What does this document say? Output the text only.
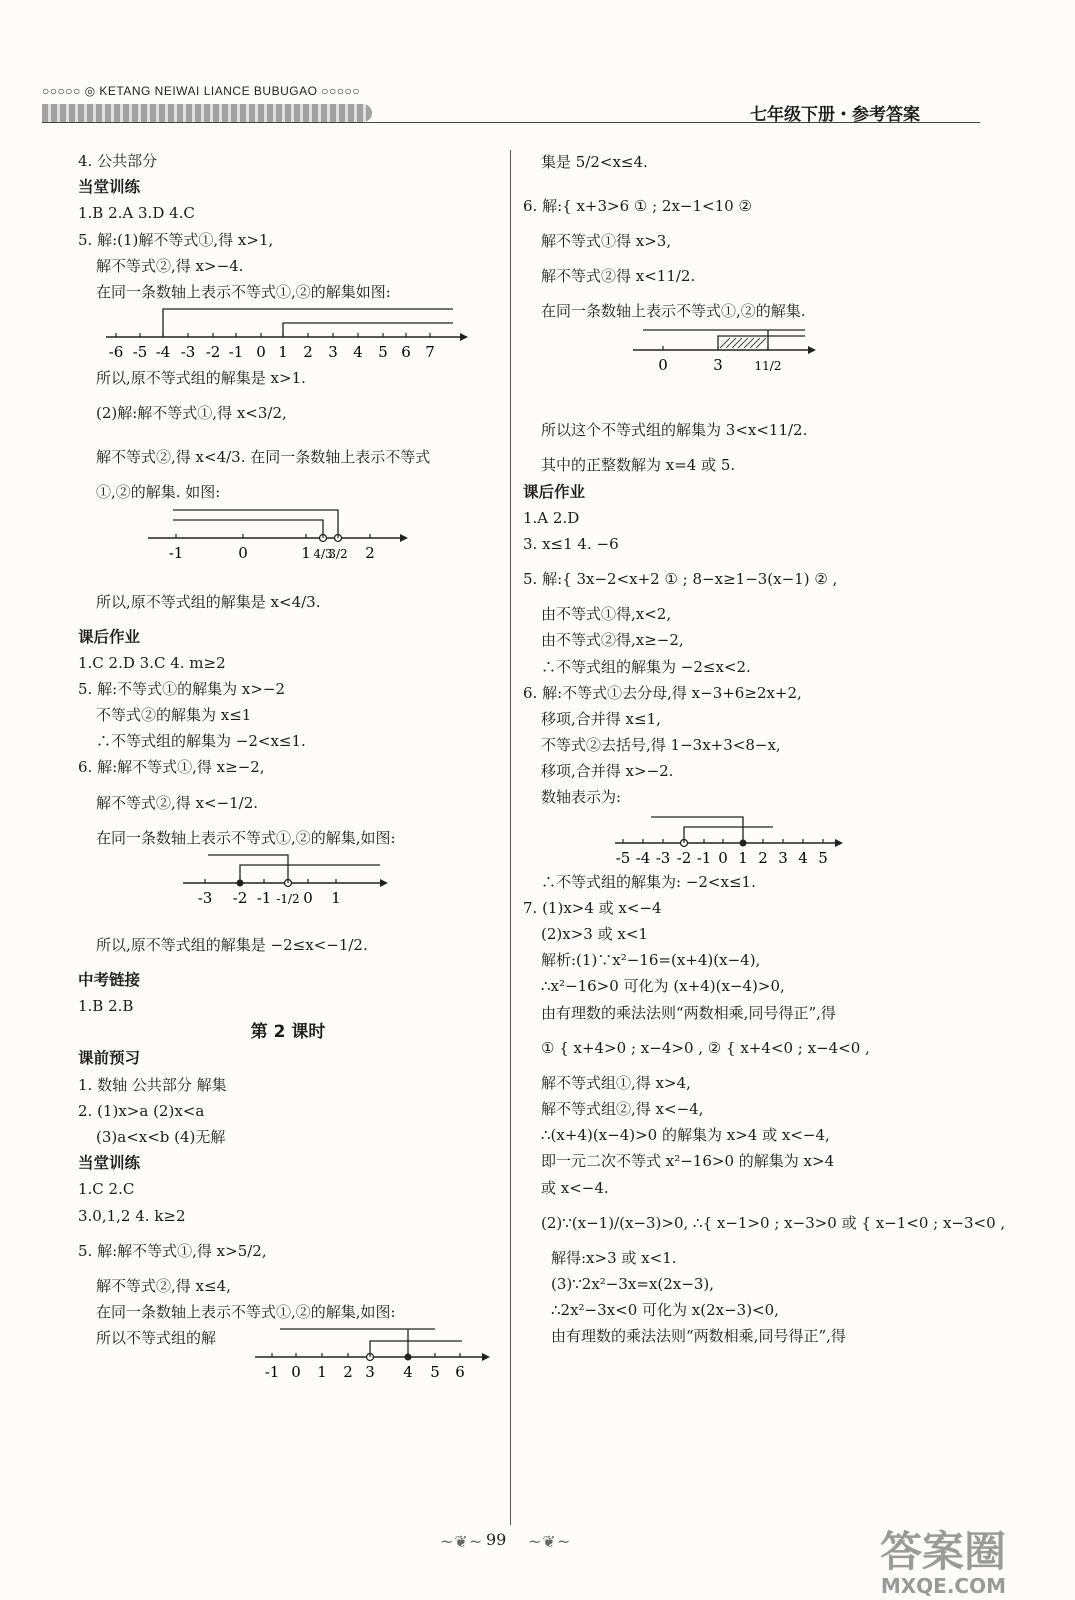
○○○○○ ◎ KETANG NEIWAI LIANCE BUBUGAO ○○○○○
七年级下册・参考答案
4. 公共部分
当堂训练
1.B 2.A 3.D 4.C
5. 解:(1)解不等式①,得 x>1,
解不等式②,得 x>−4.
在同一条数轴上表示不等式①,②的解集如图:
-6 -5 -4 -3 -2 -1 0 1 2 3 4 5 6 7
所以,原不等式组的解集是 x>1.
(2)解:解不等式①,得 x<3/2,
解不等式②,得 x<4/3. 在同一条数轴上表示不等式
①,②的解集. 如图:
-1	0	1 4/3
3/2 2
所以,原不等式组的解集是 x<4/3.
课后作业
1.C 2.D 3.C 4. m≥2
5. 解:不等式①的解集为 x>−2
不等式②的解集为 x≤1
∴不等式组的解集为 −2<x≤1.
6. 解:解不等式①,得 x≥−2,
解不等式②,得 x<−1/2.
在同一条数轴上表示不等式①,②的解集,如图:
-3 -2 -1 -1/2 0 1
所以,原不等式组的解集是 −2≤x<−1/2.
中考链接
1.B 2.B
第 2 课时
课前预习
1. 数轴 公共部分 解集
2. (1)x>a (2)x<a
(3)a<x<b (4)无解
当堂训练
1.C 2.C
3.0,1,2 4. k≥2
5. 解:解不等式①,得 x>5/2,
解不等式②,得 x≤4,
在同一条数轴上表示不等式①,②的解集,如图:
所以不等式组的解
-1 0 1 2 3 4 5 6
集是 5/2<x≤4.
6. 解:{ x+3>6 ① ; 2x−1<10 ②
解不等式①得 x>3,
解不等式②得 x<11/2.
在同一条数轴上表示不等式①,②的解集.
0	3	11/2
所以这个不等式组的解集为 3<x<11/2.
其中的正整数解为 x=4 或 5.
课后作业
1.A 2.D
3. x≤1 4. −6
5. 解:{ 3x−2<x+2 ① ; 8−x≥1−3(x−1) ② ,
由不等式①得,x<2,
由不等式②得,x≥−2,
∴不等式组的解集为 −2≤x<2.
6. 解:不等式①去分母,得 x−3+6≥2x+2,
移项,合并得 x≤1,
不等式②去括号,得 1−3x+3<8−x,
移项,合并得 x>−2.
数轴表示为:
-5 -4 -3 -2 -1 0 1 2 3 4 5
∴不等式组的解集为: −2<x≤1.
7. (1)x>4 或 x<−4
(2)x>3 或 x<1
解析:(1)∵x²−16=(x+4)(x−4),
∴x²−16>0 可化为 (x+4)(x−4)>0,
由有理数的乘法法则“两数相乘,同号得正”,得
① { x+4>0 ; x−4>0 , ② { x+4<0 ; x−4<0 ,
解不等式组①,得 x>4,
解不等式组②,得 x<−4,
∴(x+4)(x−4)>0 的解集为 x>4 或 x<−4,
即一元二次不等式 x²−16>0 的解集为 x>4
或 x<−4.
(2)∵(x−1)/(x−3)>0, ∴{ x−1>0 ; x−3>0 或 { x−1<0 ; x−3<0 ,
解得:x>3 或 x<1.
(3)∵2x²−3x=x(2x−3),
∴2x²−3x<0 可化为 x(2x−3)<0,
由有理数的乘法法则“两数相乘,同号得正”,得
~❦~ 99 ~❦~	答案圈
MXQE.COM
